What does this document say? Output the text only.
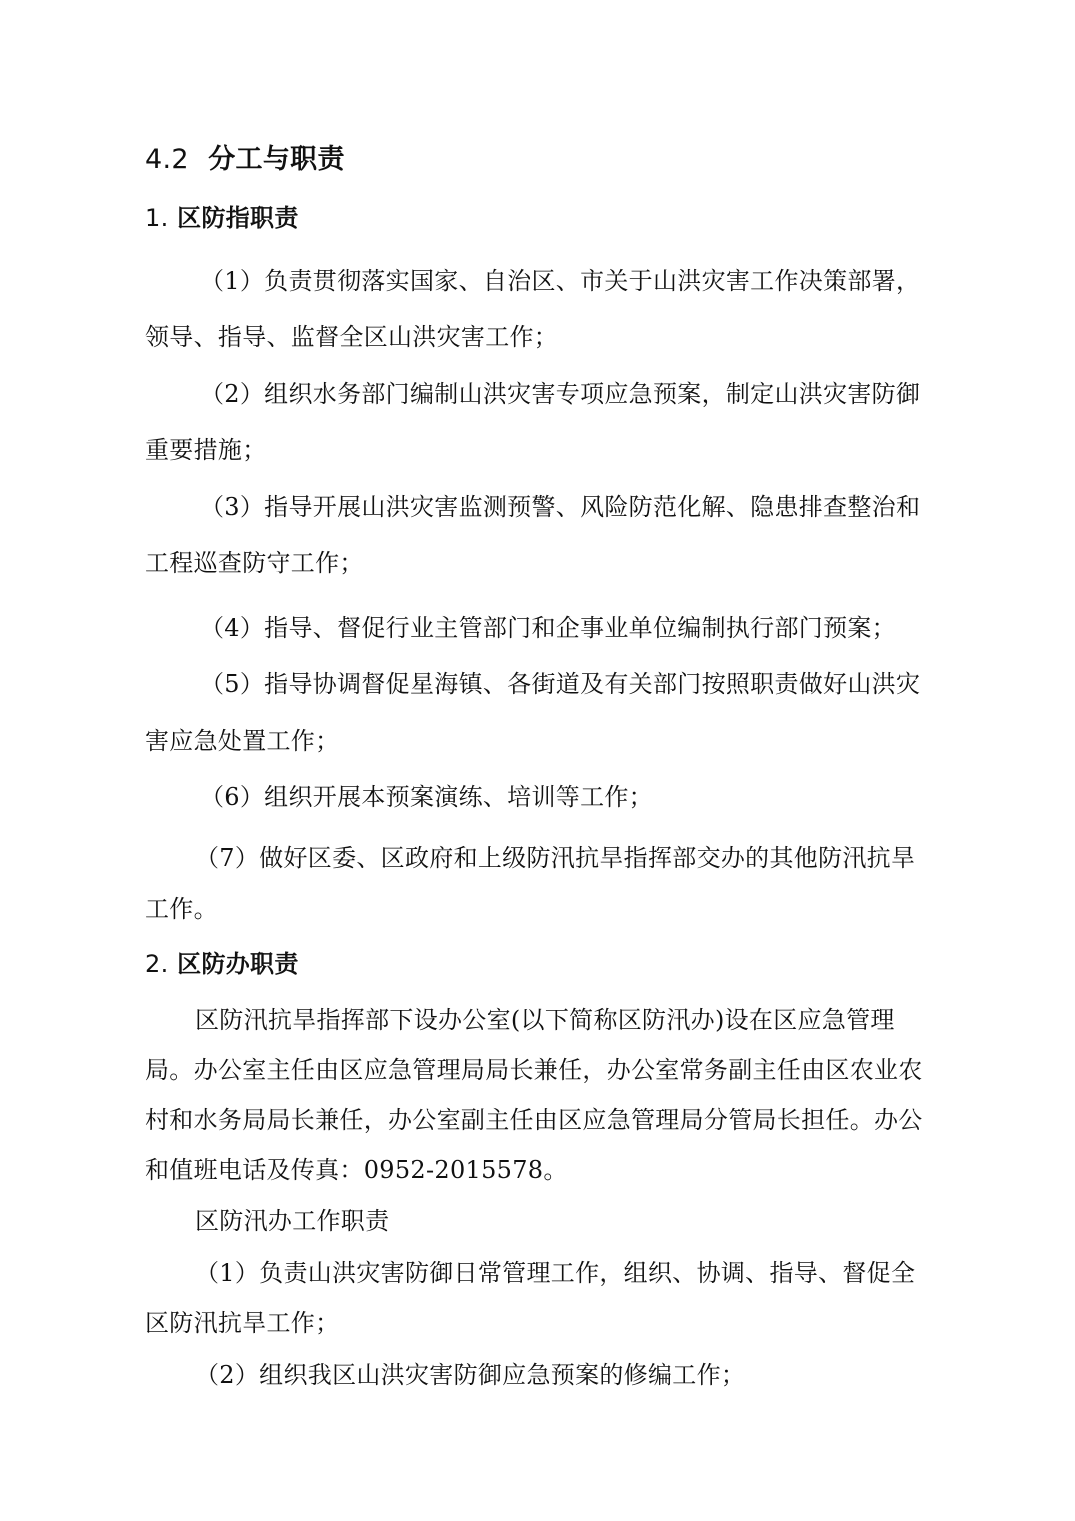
4.2 分工与职责
1. 区防指职责
（1）负责贯彻落实国家、自治区、市关于山洪灾害工作决策部署，
领导、指导、监督全区山洪灾害工作；
（2）组织水务部门编制山洪灾害专项应急预案，制定山洪灾害防御
重要措施；
（3）指导开展山洪灾害监测预警、风险防范化解、隐患排查整治和
工程巡查防守工作；
（4）指导、督促行业主管部门和企事业单位编制执行部门预案；
（5）指导协调督促星海镇、各街道及有关部门按照职责做好山洪灾
害应急处置工作；
（6）组织开展本预案演练、培训等工作；
（7）做好区委、区政府和上级防汛抗旱指挥部交办的其他防汛抗旱
工作。
2. 区防办职责
区防汛抗旱指挥部下设办公室(以下简称区防汛办)设在区应急管理
局。办公室主任由区应急管理局局长兼任，办公室常务副主任由区农业农
村和水务局局长兼任，办公室副主任由区应急管理局分管局长担任。办公
和值班电话及传真：0952-2015578。
区防汛办工作职责
（1）负责山洪灾害防御日常管理工作，组织、协调、指导、督促全
区防汛抗旱工作；
（2）组织我区山洪灾害防御应急预案的修编工作；
